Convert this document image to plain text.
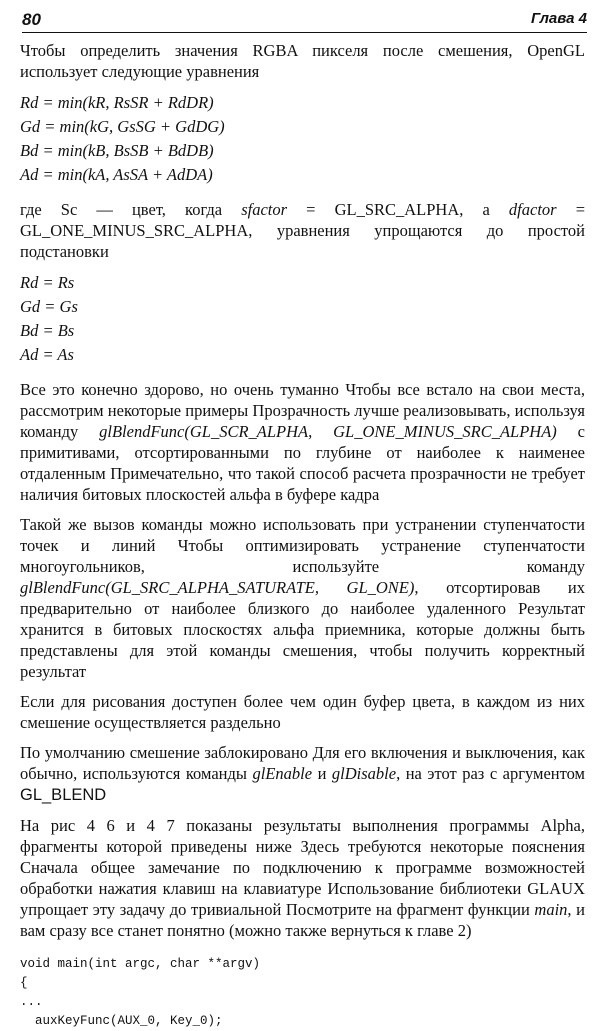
80	Глава 4

Чтобы определить значения RGBA пикселя после смешения, OpenGL использует следующие уравнения

Rd = min(kR, RsSR + RdDR)
Gd = min(kG, GsSG + GdDG)
Bd = min(kB, BsSB + BdDB)
Ad = min(kA, AsSA + AdDA)

где Sc — цвет, когда sfactor = GL_SRC_ALPHA, а dfactor = GL_ONE_MINUS_SRC_ALPHA, уравнения упрощаются до простой подстановки

Rd = Rs
Gd = Gs
Bd = Bs
Ad = As

Все это конечно здорово, но очень туманно Чтобы все встало на свои места, рассмотрим некоторые примеры Прозрачность лучше реализовывать, используя команду glBlendFunc(GL_SCR_ALPHA, GL_ONE_MINUS_SRC_ALPHA) с примитивами, отсортированными по глубине от наиболее к наименее отдаленным Примечательно, что такой способ расчета прозрачности не требует наличия битовых плоскостей альфа в буфере кадра

Такой же вызов команды можно использовать при устранении ступенчатости точек и линий Чтобы оптимизировать устранение ступенчатости многоугольников, используйте команду glBlendFunc(GL_SRC_ALPHA_SATURATE, GL_ONE), отсортировав их предварительно от наиболее близкого до наиболее удаленного Результат хранится в битовых плоскостях альфа приемника, которые должны быть представлены для этой команды смешения, чтобы получить корректный результат

Если для рисования доступен более чем один буфер цвета, в каждом из них смешение осуществляется раздельно

По умолчанию смешение заблокировано Для его включения и выключения, как обычно, используются команды glEnable и glDisable, на этот раз с аргументом GL_BLEND

На рис 4 6 и 4 7 показаны результаты выполнения программы Alpha, фрагменты которой приведены ниже Здесь требуются некоторые пояснения Сначала общее замечание по подключению к программе возможностей обработки нажатия клавиш на клавиатуре Использование библиотеки GLAUX упрощает эту задачу до тривиальной Посмотрите на фрагмент функции main, и вам сразу все станет понятно (можно также вернуться к главе 2)

void main(int argc, char **argv)
{
...
auxKeyFunc(AUX_0, Key_0);
